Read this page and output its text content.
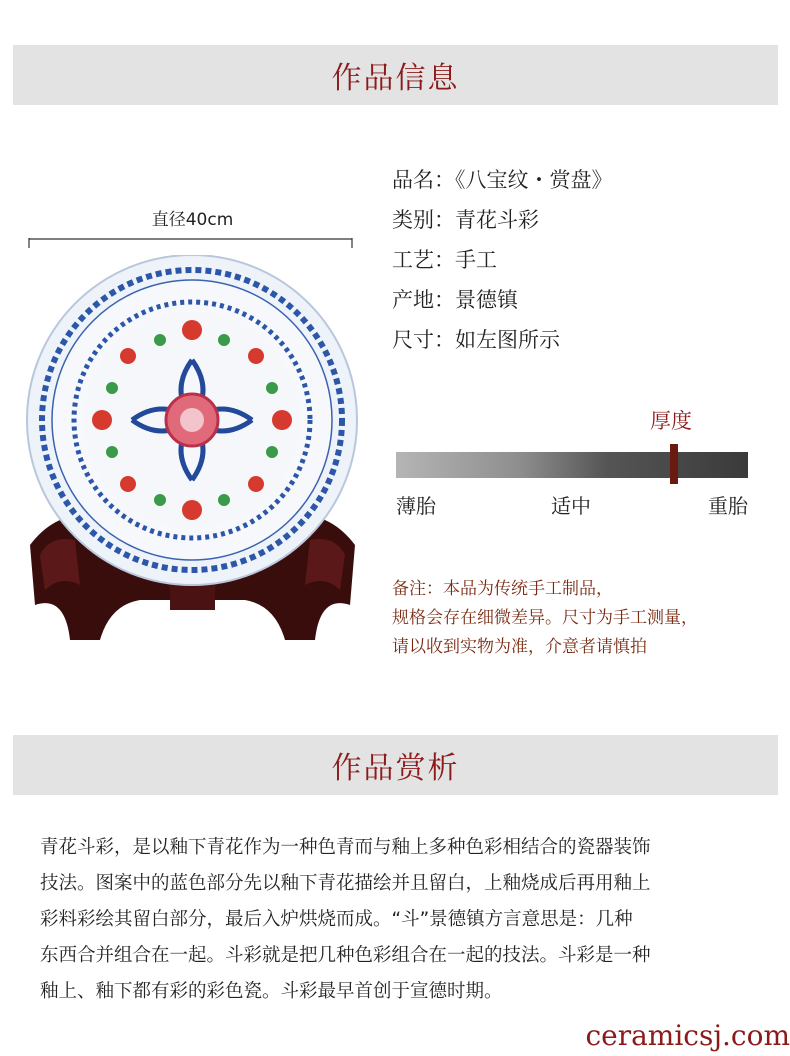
作品信息
直径40cm
品名：《八宝纹・赏盘》
类别：青花斗彩
工艺：手工
产地：景德镇
尺寸：如左图所示
厚度
薄胎	适中	重胎
备注：本品为传统手工制品，
规格会存在细微差异。尺寸为手工测量，
请以收到实物为准，介意者请慎拍
作品赏析
青花斗彩，是以釉下青花作为一种色青而与釉上多种色彩相结合的瓷器装饰
技法。图案中的蓝色部分先以釉下青花描绘并且留白，上釉烧成后再用釉上
彩料彩绘其留白部分，最后入炉烘烧而成。“斗”景德镇方言意思是：几种
东西合并组合在一起。斗彩就是把几种色彩组合在一起的技法。斗彩是一种
釉上、釉下都有彩的彩色瓷。斗彩最早首创于宣德时期。
ceramicsj.com
